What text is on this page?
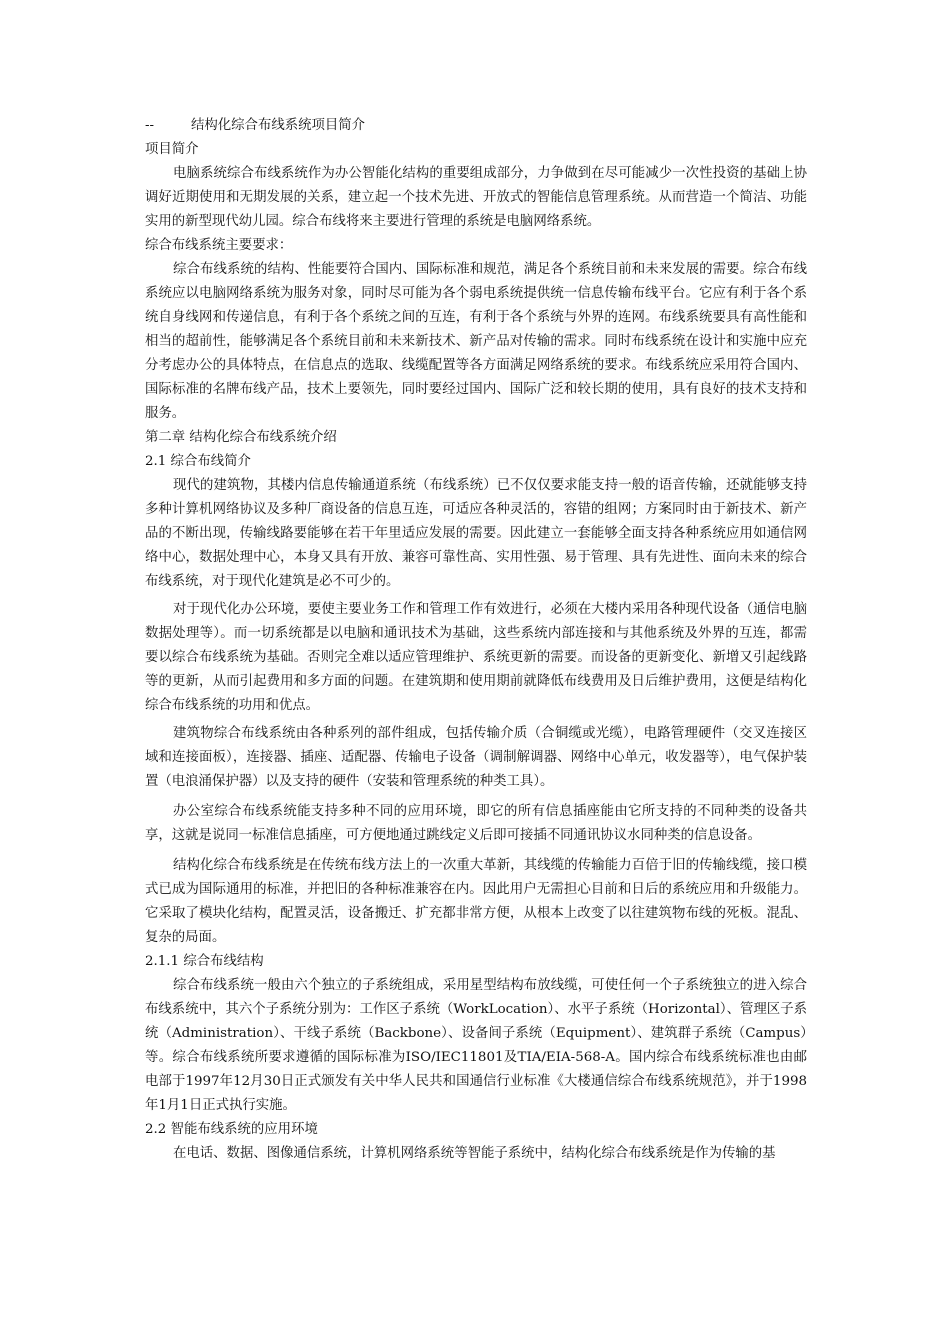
--	结构化综合布线系统项目简介

项目简介

电脑系统综合布线系统作为办公智能化结构的重要组成部分，力争做到在尽可能减少一次性投资的基础上协调好近期使用和无期发展的关系，建立起一个技术先进、开放式的智能信息管理系统。从而营造一个简洁、功能实用的新型现代幼儿园。综合布线将来主要进行管理的系统是电脑网络系统。

综合布线系统主要要求：

综合布线系统的结构、性能要符合国内、国际标准和规范，满足各个系统目前和未来发展的需要。综合布线系统应以电脑网络系统为服务对象，同时尽可能为各个弱电系统提供统一信息传输布线平台。它应有利于各个系统自身线网和传递信息，有利于各个系统之间的互连，有利于各个系统与外界的连网。布线系统要具有高性能和相当的超前性，能够满足各个系统目前和未来新技术、新产品对传输的需求。同时布线系统在设计和实施中应充分考虑办公的具体特点，在信息点的选取、线缆配置等各方面满足网络系统的要求。布线系统应采用符合国内、国际标准的名牌布线产品，技术上要领先，同时要经过国内、国际广泛和较长期的使用，具有良好的技术支持和服务。

第二章 结构化综合布线系统介绍

2.1 综合布线简介

现代的建筑物，其楼内信息传输通道系统（布线系统）已不仅仅要求能支持一般的语音传输，还就能够支持多种计算机网络协议及多种厂商设备的信息互连，可适应各种灵活的，容错的组网；方案同时由于新技术、新产品的不断出现，传输线路要能够在若干年里适应发展的需要。因此建立一套能够全面支持各种系统应用如通信网络中心，数据处理中心，本身又具有开放、兼容可靠性高、实用性强、易于管理、具有先进性、面向未来的综合布线系统，对于现代化建筑是必不可少的。

对于现代化办公环境，要使主要业务工作和管理工作有效进行，必须在大楼内采用各种现代设备（通信电脑数据处理等）。而一切系统都是以电脑和通讯技术为基础，这些系统内部连接和与其他系统及外界的互连，都需要以综合布线系统为基础。否则完全难以适应管理维护、系统更新的需要。而设备的更新变化、新增又引起线路等的更新，从而引起费用和多方面的问题。在建筑期和使用期前就降低布线费用及日后维护费用，这便是结构化综合布线系统的功用和优点。

建筑物综合布线系统由各种系列的部件组成，包括传输介质（合铜缆或光缆），电路管理硬件（交叉连接区域和连接面板），连接器、插座、适配器、传输电子设备（调制解调器、网络中心单元，收发器等），电气保护装置（电浪涌保护器）以及支持的硬件（安装和管理系统的种类工具）。

办公室综合布线系统能支持多种不同的应用环境，即它的所有信息插座能由它所支持的不同种类的设备共享，这就是说同一标准信息插座，可方便地通过跳线定义后即可接插不同通讯协议水同种类的信息设备。

结构化综合布线系统是在传统布线方法上的一次重大革新，其线缆的传输能力百倍于旧的传输线缆，接口模式已成为国际通用的标准，并把旧的各种标准兼容在内。因此用户无需担心目前和日后的系统应用和升级能力。它采取了模块化结构，配置灵活，设备搬迁、扩充都非常方便，从根本上改变了以往建筑物布线的死板。混乱、复杂的局面。

2.1.1 综合布线结构

综合布线系统一般由六个独立的子系统组成，采用星型结构布放线缆，可使任何一个子系统独立的进入综合布线系统中，其六个子系统分别为：工作区子系统（WorkLocation）、水平子系统（Horizontal）、管理区子系统（Administration）、干线子系统（Backbone）、设备间子系统（Equipment）、建筑群子系统（Campus）等。综合布线系统所要求遵循的国际标准为ISO/IEC11801及TIA/EIA-568-A。国内综合布线系统标准也由邮电部于1997年12月30日正式颁发有关中华人民共和国通信行业标准《大楼通信综合布线系统规范》，并于1998年1月1日正式执行实施。

2.2 智能布线系统的应用环境

在电话、数据、图像通信系统，计算机网络系统等智能子系统中，结构化综合布线系统是作为传输的基
